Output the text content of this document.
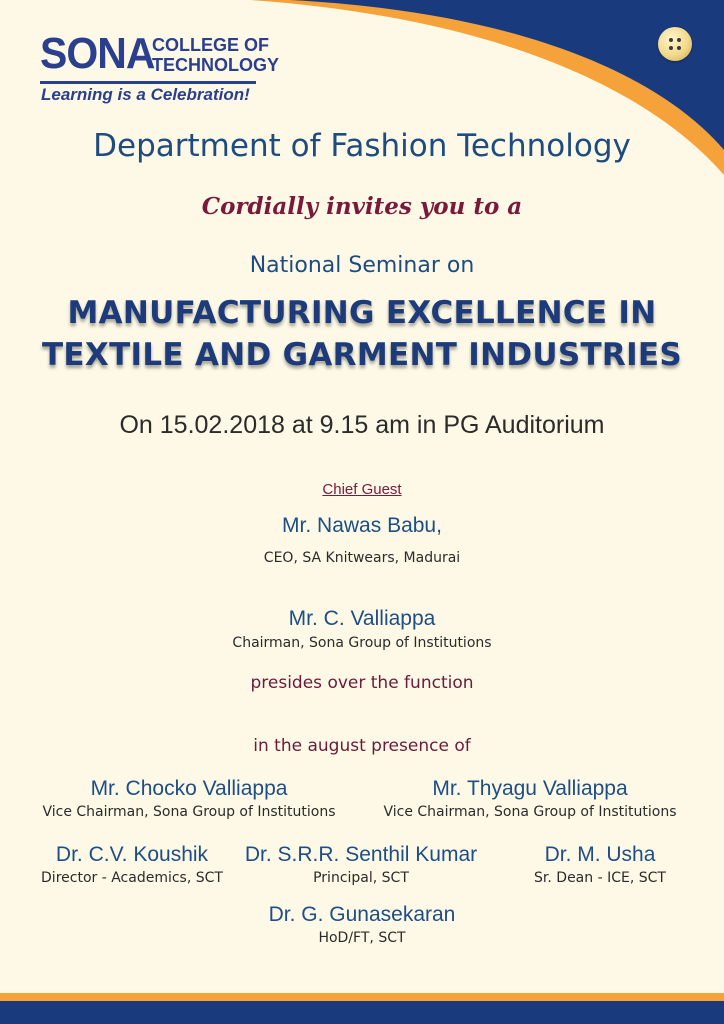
SONA
COLLEGE OF
TECHNOLOGY
Learning is a Celebration!
Department of Fashion Technology
Cordially invites you to a
National Seminar on
MANUFACTURING EXCELLENCE IN
TEXTILE AND GARMENT INDUSTRIES
On 15.02.2018 at 9.15 am in PG Auditorium
Chief Guest
Mr. Nawas Babu,
CEO, SA Knitwears, Madurai
Mr. C. Valliappa
Chairman, Sona Group of Institutions
presides over the function
in the august presence of
Mr. Chocko Valliappa
Vice Chairman, Sona Group of Institutions
Mr. Thyagu Valliappa
Vice Chairman, Sona Group of Institutions
Dr. C.V. Koushik
Director - Academics, SCT
Dr. S.R.R. Senthil Kumar
Principal, SCT
Dr. M. Usha
Sr. Dean - ICE, SCT
Dr. G. Gunasekaran
HoD/FT, SCT
